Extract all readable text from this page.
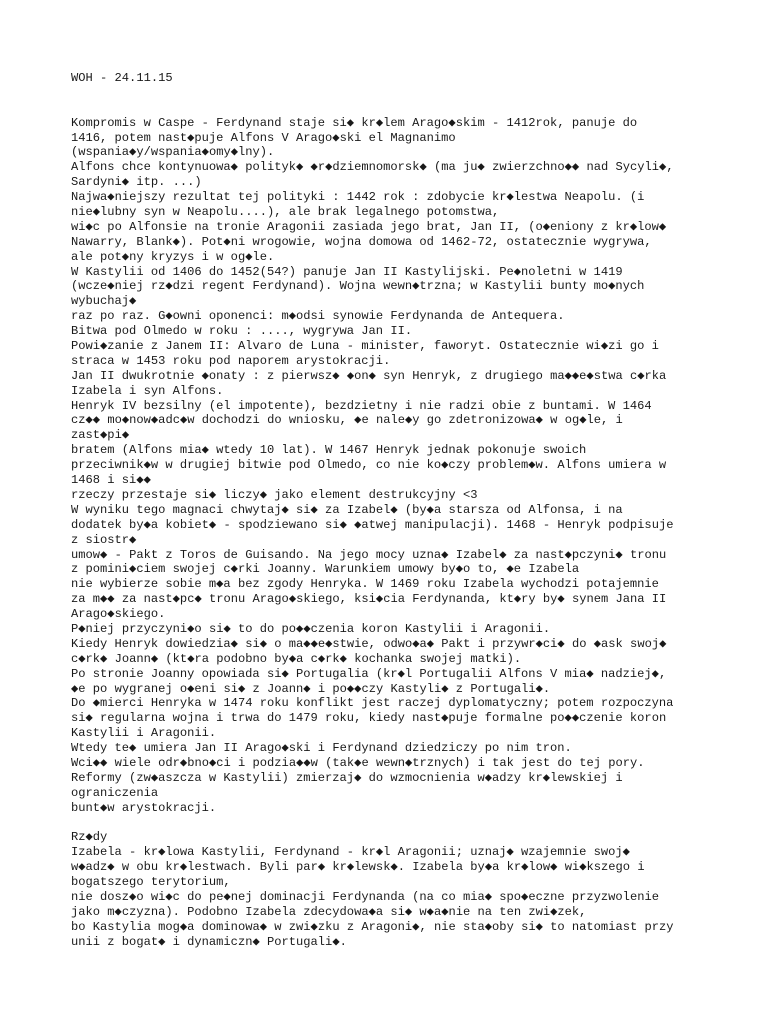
WOH - 24.11.15
Kompromis w Caspe - Ferdynand staje si◆ kr◆lem Arago◆skim - 1412rok, panuje do
1416, potem nast◆puje Alfons V Arago◆ski el Magnanimo
(wspania◆y/wspania◆omy◆lny).
Alfons chce kontynuowa◆ polityk◆ ◆r◆dziemnomorsk◆ (ma ju◆ zwierzchno◆◆ nad Sycyli◆,
Sardyni◆ itp. ...)
Najwa◆niejszy rezultat tej polityki : 1442 rok : zdobycie kr◆lestwa Neapolu. (i
nie◆lubny syn w Neapolu....), ale brak legalnego potomstwa,
wi◆c po Alfonsie na tronie Aragonii zasiada jego brat, Jan II, (o◆eniony z kr◆low◆
Nawarry, Blank◆). Pot◆ni wrogowie, wojna domowa od 1462-72, ostatecznie wygrywa,
ale pot◆ny kryzys i w og◆le.
W Kastylii od 1406 do 1452(54?) panuje Jan II Kastylijski. Pe◆noletni w 1419
(wcze◆niej rz◆dzi regent Ferdynand). Wojna wewn◆trzna; w Kastylii bunty mo◆nych
wybuchaj◆
raz po raz. G◆owni oponenci: m◆odsi synowie Ferdynanda de Antequera.
Bitwa pod Olmedo w roku : ...., wygrywa Jan II.
Powi◆zanie z Janem II: Alvaro de Luna - minister, faworyt. Ostatecznie wi◆zi go i
straca w 1453 roku pod naporem arystokracji.
Jan II dwukrotnie ◆onaty : z pierwsz◆ ◆on◆ syn Henryk, z drugiego ma◆◆e◆stwa c◆rka
Izabela i syn Alfons.
Henryk IV bezsilny (el impotente), bezdzietny i nie radzi obie z buntami. W 1464
cz◆◆ mo◆now◆adc◆w dochodzi do wniosku, ◆e nale◆y go zdetronizowa◆ w og◆le, i
zast◆pi◆
bratem (Alfons mia◆ wtedy 10 lat). W 1467 Henryk jednak pokonuje swoich
przeciwnik◆w w drugiej bitwie pod Olmedo, co nie ko◆czy problem◆w. Alfons umiera w
1468 i si◆◆
rzeczy przestaje si◆ liczy◆ jako element destrukcyjny <3
W wyniku tego magnaci chwytaj◆ si◆ za Izabel◆ (by◆a starsza od Alfonsa, i na
dodatek by◆a kobiet◆ - spodziewano si◆ ◆atwej manipulacji). 1468 - Henryk podpisuje
z siostr◆
umow◆ - Pakt z Toros de Guisando. Na jego mocy uzna◆ Izabel◆ za nast◆pczyni◆ tronu
z pomini◆ciem swojej c◆rki Joanny. Warunkiem umowy by◆o to, ◆e Izabela
nie wybierze sobie m◆a bez zgody Henryka. W 1469 roku Izabela wychodzi potajemnie
za m◆◆ za nast◆pc◆ tronu Arago◆skiego, ksi◆cia Ferdynanda, kt◆ry by◆ synem Jana II
Arago◆skiego.
P◆niej przyczyni◆o si◆ to do po◆◆czenia koron Kastylii i Aragonii.
Kiedy Henryk dowiedzia◆ si◆ o ma◆◆e◆stwie, odwo◆a◆ Pakt i przywr◆ci◆ do ◆ask swoj◆
c◆rk◆ Joann◆ (kt◆ra podobno by◆a c◆rk◆ kochanka swojej matki).
Po stronie Joanny opowiada si◆ Portugalia (kr◆l Portugalii Alfons V mia◆ nadziej◆,
◆e po wygranej o◆eni si◆ z Joann◆ i po◆◆czy Kastyli◆ z Portugali◆.
Do ◆mierci Henryka w 1474 roku konflikt jest raczej dyplomatyczny; potem rozpoczyna
si◆ regularna wojna i trwa do 1479 roku, kiedy nast◆puje formalne po◆◆czenie koron
Kastylii i Aragonii.
Wtedy te◆ umiera Jan II Arago◆ski i Ferdynand dziedziczy po nim tron.
Wci◆◆ wiele odr◆bno◆ci i podzia◆◆w (tak◆e wewn◆trznych) i tak jest do tej pory.
Reformy (zw◆aszcza w Kastylii) zmierzaj◆ do wzmocnienia w◆adzy kr◆lewskiej i
ograniczenia
bunt◆w arystokracji.
Rz◆dy
Izabela - kr◆lowa Kastylii, Ferdynand - kr◆l Aragonii; uznaj◆ wzajemnie swoj◆
w◆adz◆ w obu kr◆lestwach. Byli par◆ kr◆lewsk◆. Izabela by◆a kr◆low◆ wi◆kszego i
bogatszego terytorium,
nie dosz◆o wi◆c do pe◆nej dominacji Ferdynanda (na co mia◆ spo◆eczne przyzwolenie
jako m◆czyzna). Podobno Izabela zdecydowa◆a si◆ w◆a◆nie na ten zwi◆zek,
bo Kastylia mog◆a dominowa◆ w zwi◆zku z Aragoni◆, nie sta◆oby si◆ to natomiast przy
unii z bogat◆ i dynamiczn◆ Portugali◆.
